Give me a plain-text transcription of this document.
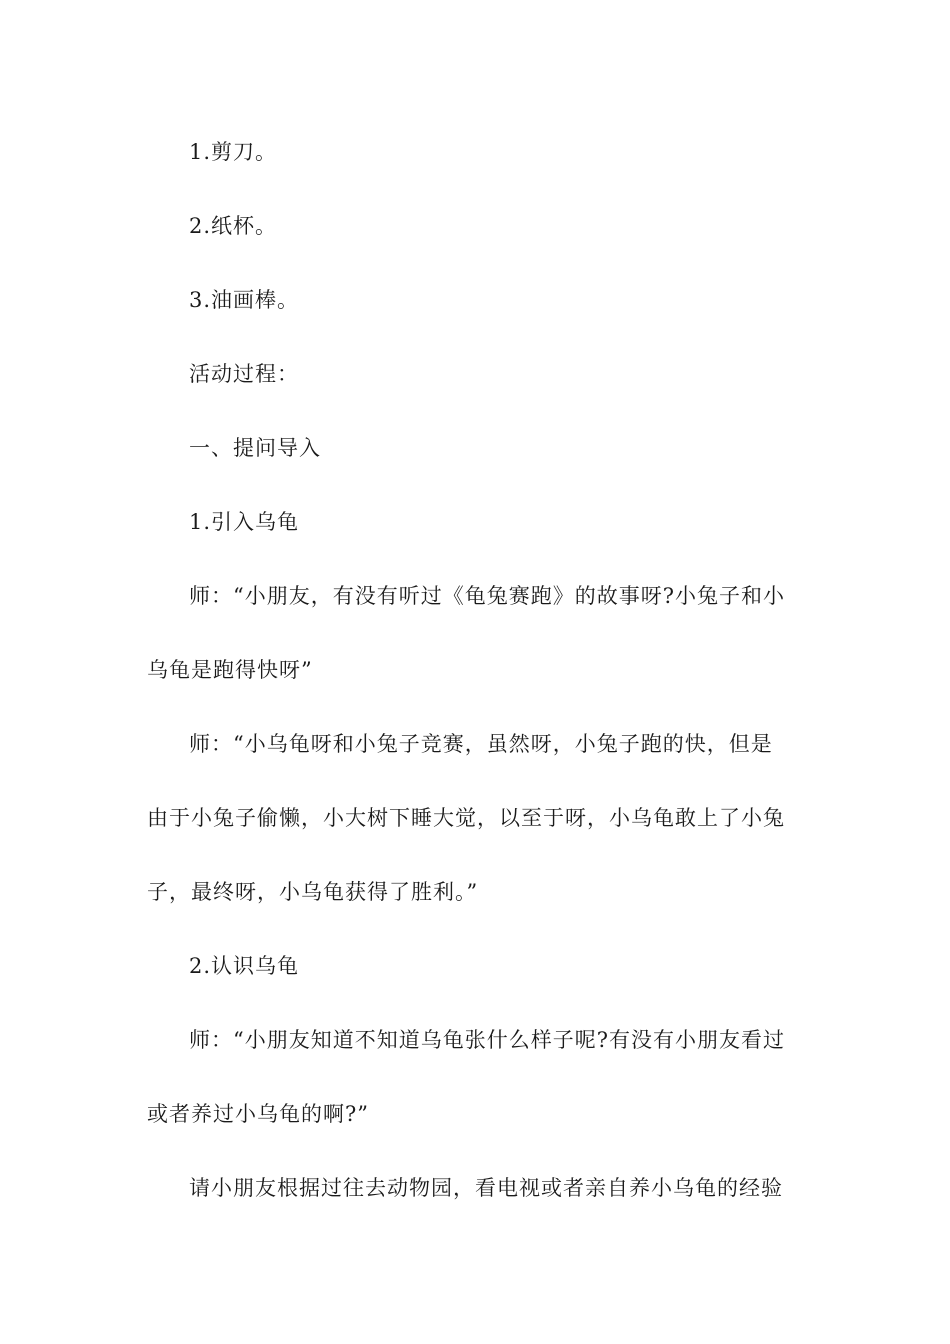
1.剪刀。
2.纸杯。
3.油画棒。
活动过程：
一、提问导入
1.引入乌龟
师：“小朋友，有没有听过《龟兔赛跑》的故事呀?小兔子和小
乌龟是跑得快呀”
师：“小乌龟呀和小兔子竞赛，虽然呀，小兔子跑的快，但是
由于小兔子偷懒，小大树下睡大觉，以至于呀，小乌龟敢上了小兔
子，最终呀，小乌龟获得了胜利。”
2.认识乌龟
师：“小朋友知道不知道乌龟张什么样子呢?有没有小朋友看过
或者养过小乌龟的啊?”
请小朋友根据过往去动物园，看电视或者亲自养小乌龟的经验
